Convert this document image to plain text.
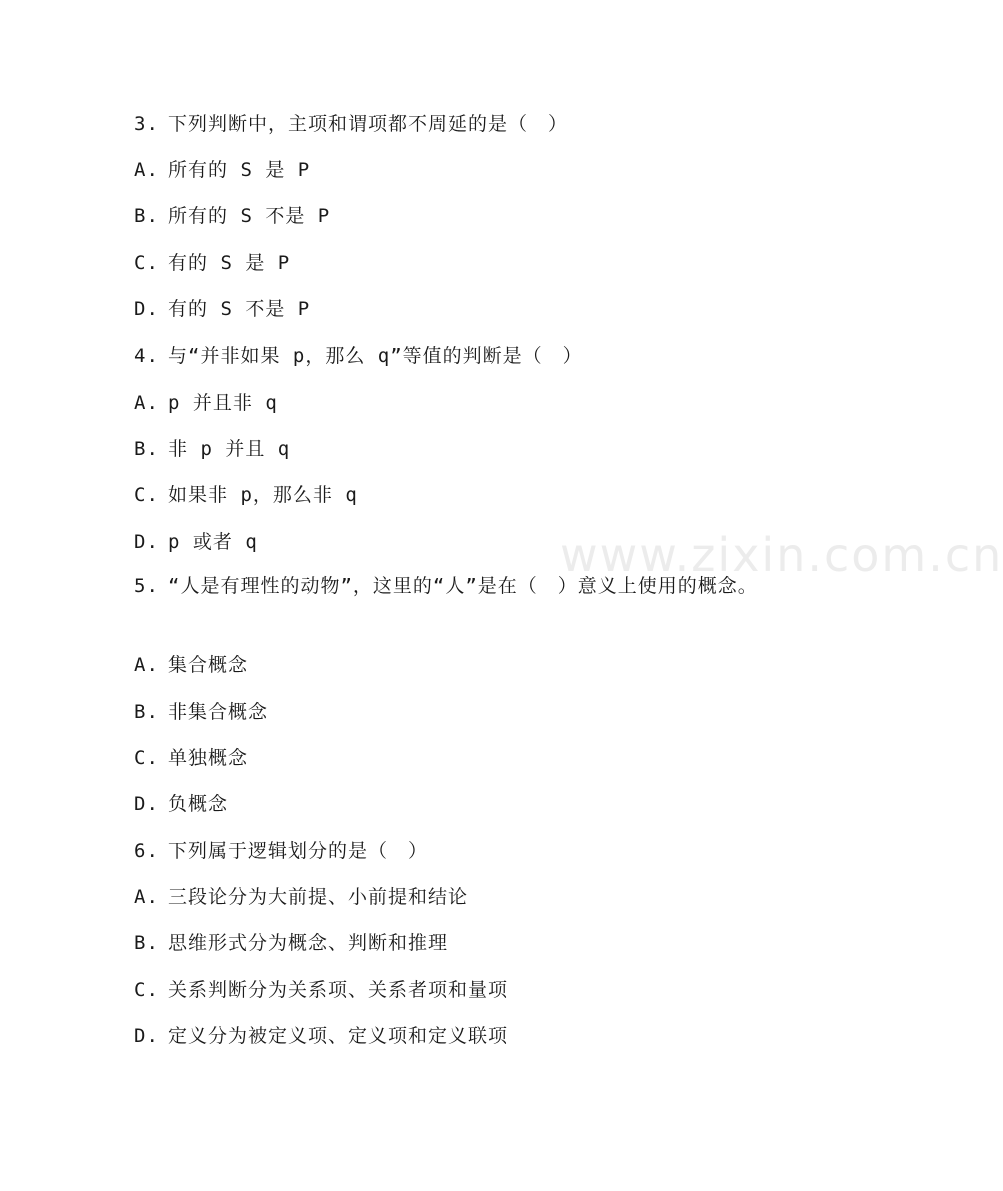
www.zixin.com.cn
3. 下列判断中，主项和谓项都不周延的是（　）
A. 所有的 S 是 P
B. 所有的 S 不是 P
C. 有的 S 是 P
D. 有的 S 不是 P
4. 与“并非如果 p，那么 q”等值的判断是（　）
A. p 并且非 q
B. 非 p 并且 q
C. 如果非 p，那么非 q
D. p 或者 q
5. “人是有理性的动物”，这里的“人”是在（　）意义上使用的概念。
A. 集合概念
B. 非集合概念
C. 单独概念
D. 负概念
6. 下列属于逻辑划分的是（　）
A. 三段论分为大前提、小前提和结论
B. 思维形式分为概念、判断和推理
C. 关系判断分为关系项、关系者项和量项
D. 定义分为被定义项、定义项和定义联项
